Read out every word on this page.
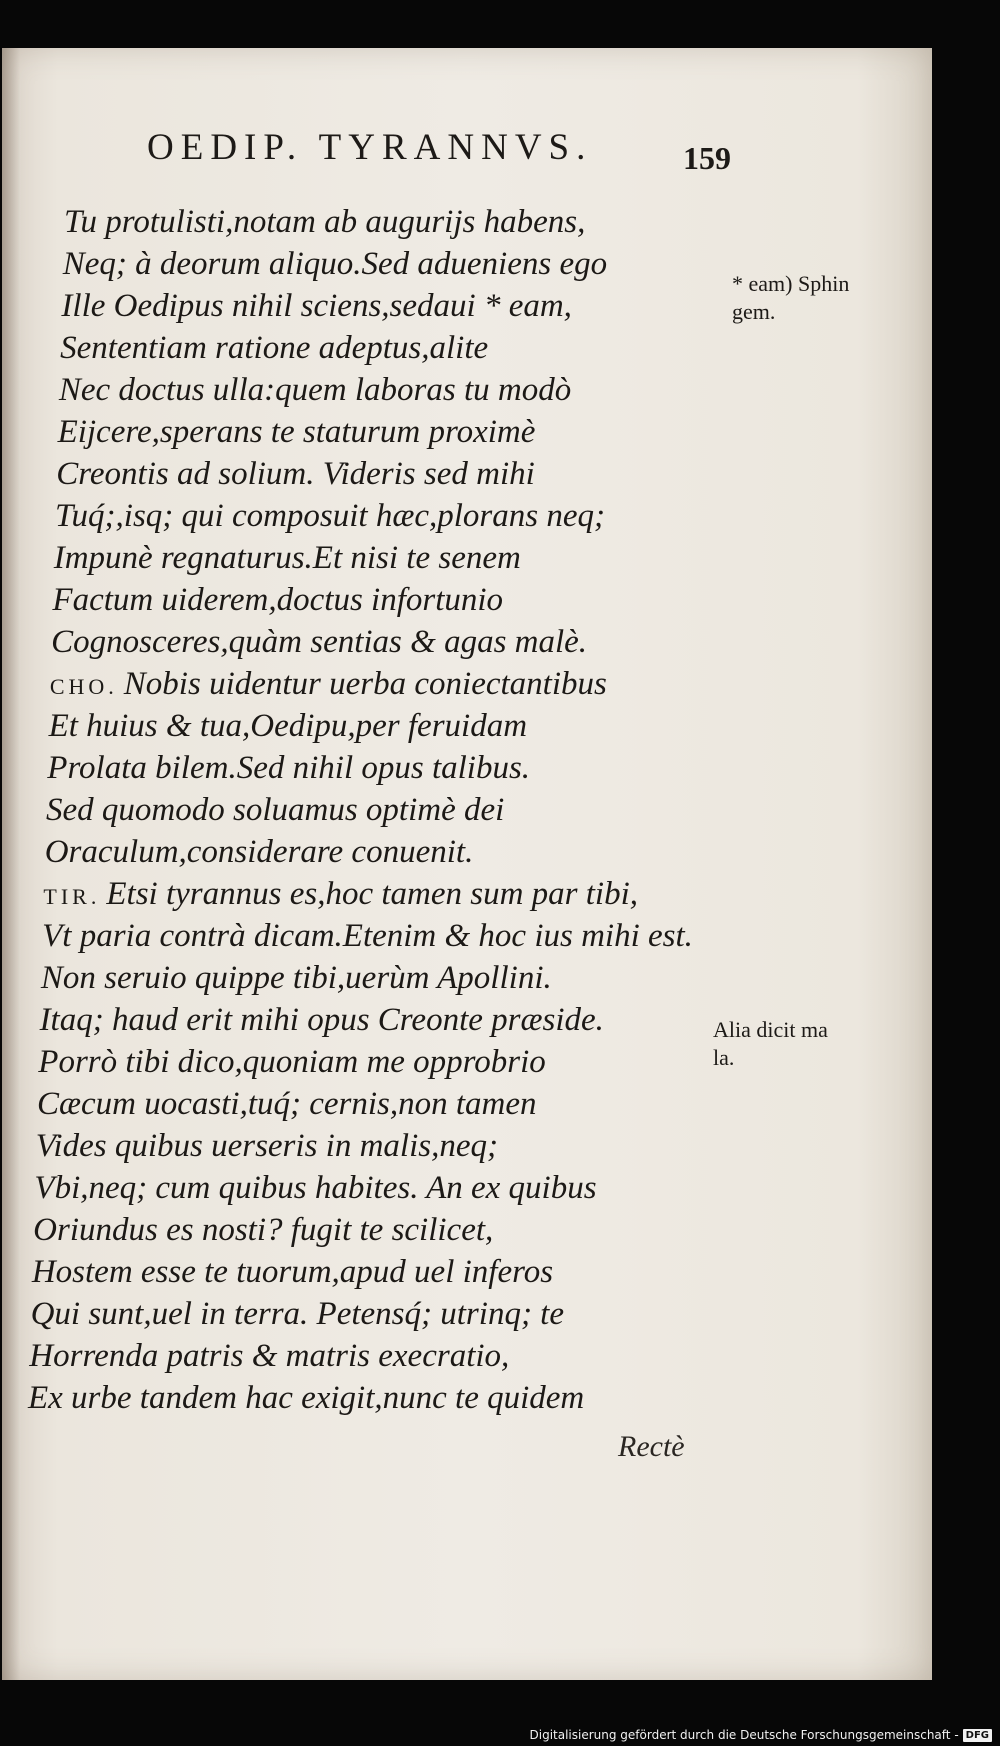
OEDIP. TYRANNVS.	159
Tu protulisti,notam ab augurijs habens,
Neq; à deorum aliquo.Sed adueniens ego
Ille Oedipus nihil sciens,sedaui * eam,
Sententiam ratione adeptus,alite
Nec doctus ulla:quem laboras tu modò
Eijcere,sperans te staturum proximè
Creontis ad solium. Videris sed mihi
Tuq́;,isq; qui composuit hæc,plorans neq;
Impunè regnaturus.Et nisi te senem
Factum uiderem,doctus infortunio
Cognosceres,quàm sentias & agas malè.
CHO. Nobis uidentur uerba coniectantibus
Et huius & tua,Oedipu,per feruidam
Prolata bilem.Sed nihil opus talibus.
Sed quomodo soluamus optimè dei
Oraculum,considerare conuenit.
TIR. Etsi tyrannus es,hoc tamen sum par tibi,
Vt paria contrà dicam.Etenim & hoc ius mihi est.
Non seruio quippe tibi,uerùm Apollini.
Itaq; haud erit mihi opus Creonte præside.
Porrò tibi dico,quoniam me opprobrio
Cæcum uocasti,tuq́; cernis,non tamen
Vides quibus uerseris in malis,neq;
Vbi,neq; cum quibus habites. An ex quibus
Oriundus es nosti? fugit te scilicet,
Hostem esse te tuorum,apud uel inferos
Qui sunt,uel in terra. Petensq́; utrinq; te
Horrenda patris & matris execratio,
Ex urbe tandem hac exigit,nunc te quidem
* eam) Sphin
gem.
Alia dicit ma
la.
Rectè
Digitalisierung gefördert durch die Deutsche Forschungsgemeinschaft - DFG
